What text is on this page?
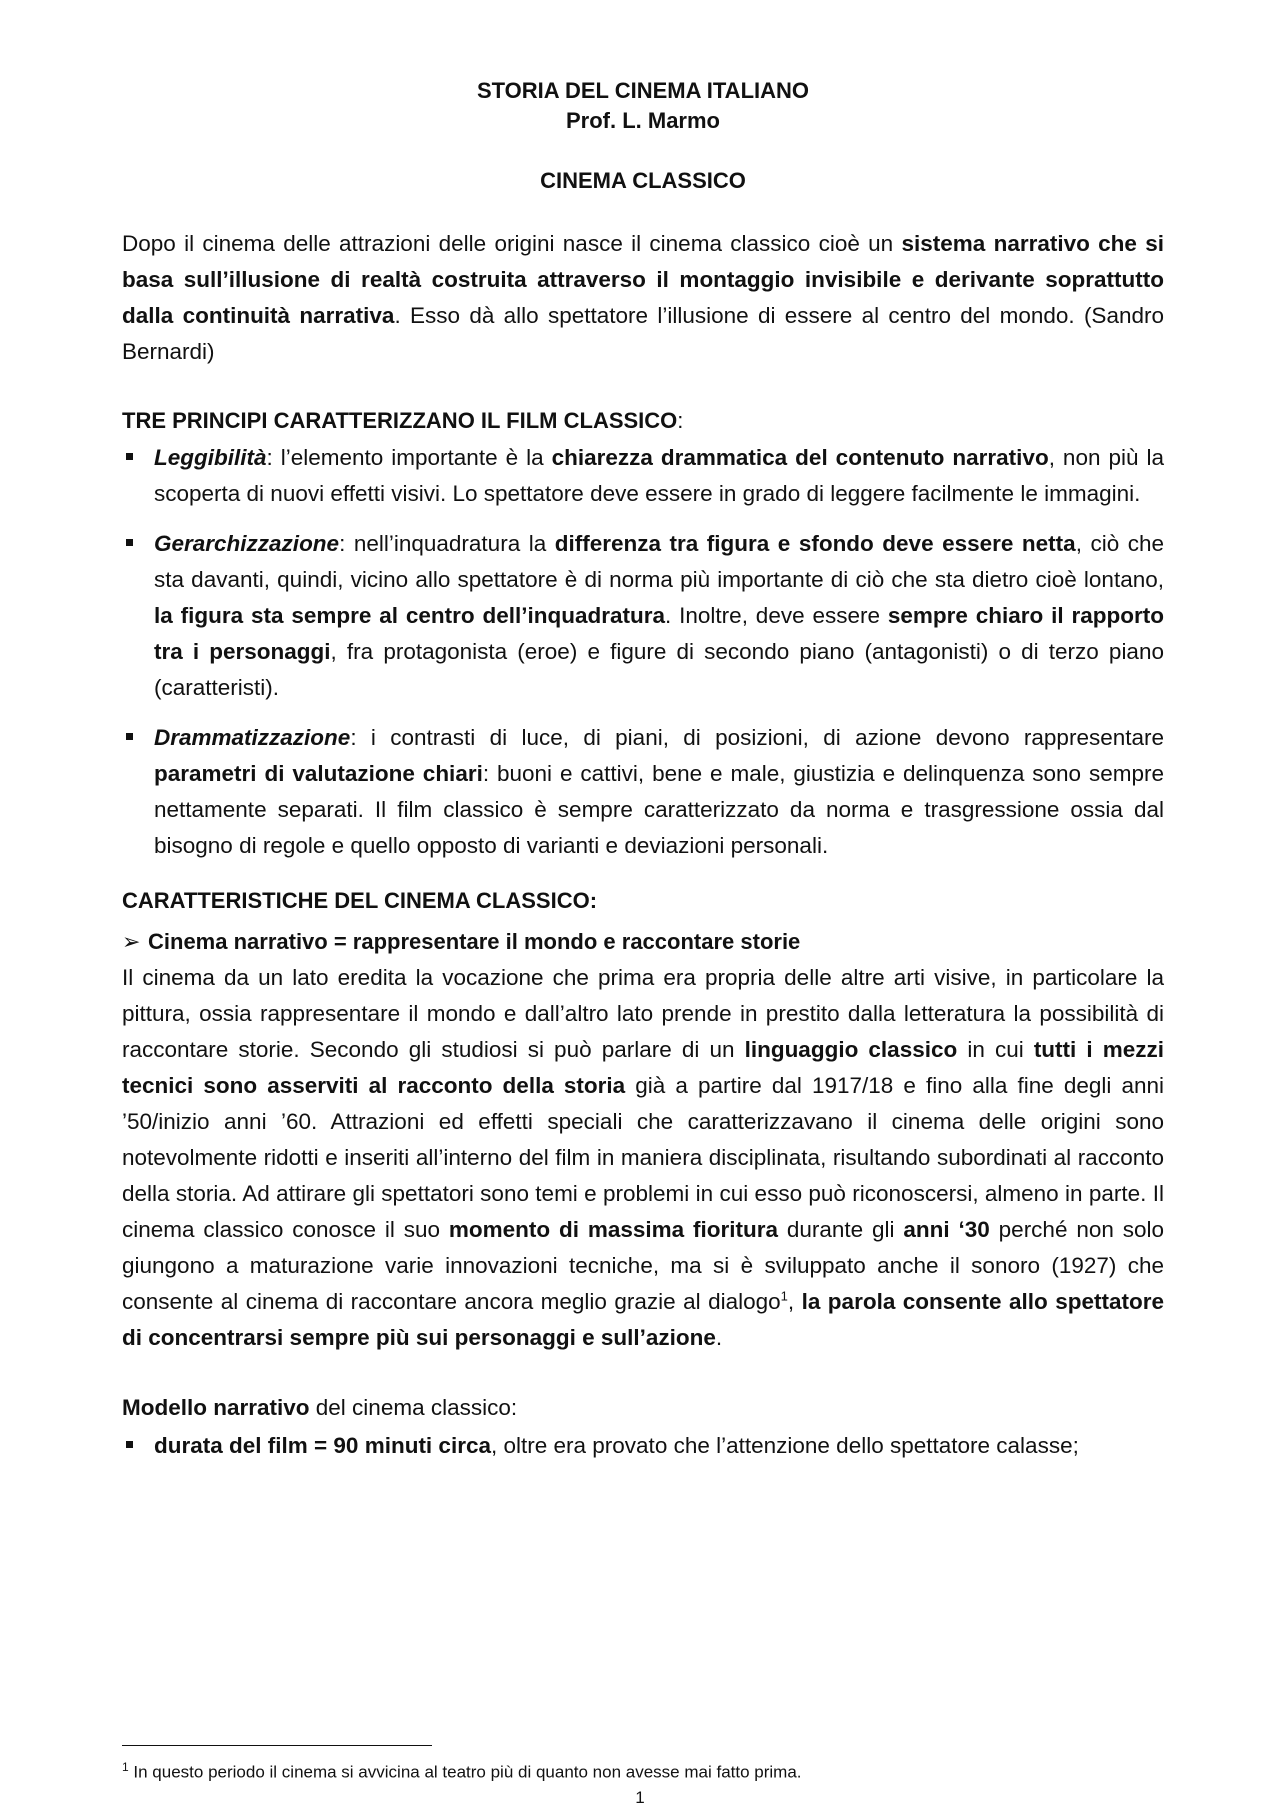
STORIA DEL CINEMA ITALIANO
Prof. L. Marmo
CINEMA CLASSICO

Dopo il cinema delle attrazioni delle origini nasce il cinema classico cioè un sistema narrativo che si basa sull’illusione di realtà costruita attraverso il montaggio invisibile e derivante soprattutto dalla continuità narrativa. Esso dà allo spettatore l’illusione di essere al centro del mondo. (Sandro Bernardi)

TRE PRINCIPI CARATTERIZZANO IL FILM CLASSICO:

Leggibilità: l’elemento importante è la chiarezza drammatica del contenuto narrativo, non più la scoperta di nuovi effetti visivi. Lo spettatore deve essere in grado di leggere facilmente le immagini.
Gerarchizzazione: nell’inquadratura la differenza tra figura e sfondo deve essere netta, ciò che sta davanti, quindi, vicino allo spettatore è di norma più importante di ciò che sta dietro cioè lontano, la figura sta sempre al centro dell’inquadratura. Inoltre, deve essere sempre chiaro il rapporto tra i personaggi, fra protagonista (eroe) e figure di secondo piano (antagonisti) o di terzo piano (caratteristi).
Drammatizzazione: i contrasti di luce, di piani, di posizioni, di azione devono rappresentare parametri di valutazione chiari: buoni e cattivi, bene e male, giustizia e delinquenza sono sempre nettamente separati. Il film classico è sempre caratterizzato da norma e trasgressione ossia dal bisogno di regole e quello opposto di varianti e deviazioni personali.

CARATTERISTICHE DEL CINEMA CLASSICO:

➢ Cinema narrativo = rappresentare il mondo e raccontare storie

Il cinema da un lato eredita la vocazione che prima era propria delle altre arti visive, in particolare la pittura, ossia rappresentare il mondo e dall’altro lato prende in prestito dalla letteratura la possibilità di raccontare storie. Secondo gli studiosi si può parlare di un linguaggio classico in cui tutti i mezzi tecnici sono asserviti al racconto della storia già a partire dal 1917/18 e fino alla fine degli anni ’50/inizio anni ’60. Attrazioni ed effetti speciali che caratterizzavano il cinema delle origini sono notevolmente ridotti e inseriti all’interno del film in maniera disciplinata, risultando subordinati al racconto della storia. Ad attirare gli spettatori sono temi e problemi in cui esso può riconoscersi, almeno in parte. Il cinema classico conosce il suo momento di massima fioritura durante gli anni ‘30 perché non solo giungono a maturazione varie innovazioni tecniche, ma si è sviluppato anche il sonoro (1927) che consente al cinema di raccontare ancora meglio grazie al dialogo$^1$, la parola consente allo spettatore di concentrarsi sempre più sui personaggi e sull’azione.

Modello narrativo del cinema classico:

durata del film = 90 minuti circa, oltre era provato che l’attenzione dello spettatore calasse;
$^1$ In questo periodo il cinema si avvicina al teatro più di quanto non avesse mai fatto prima.
1
